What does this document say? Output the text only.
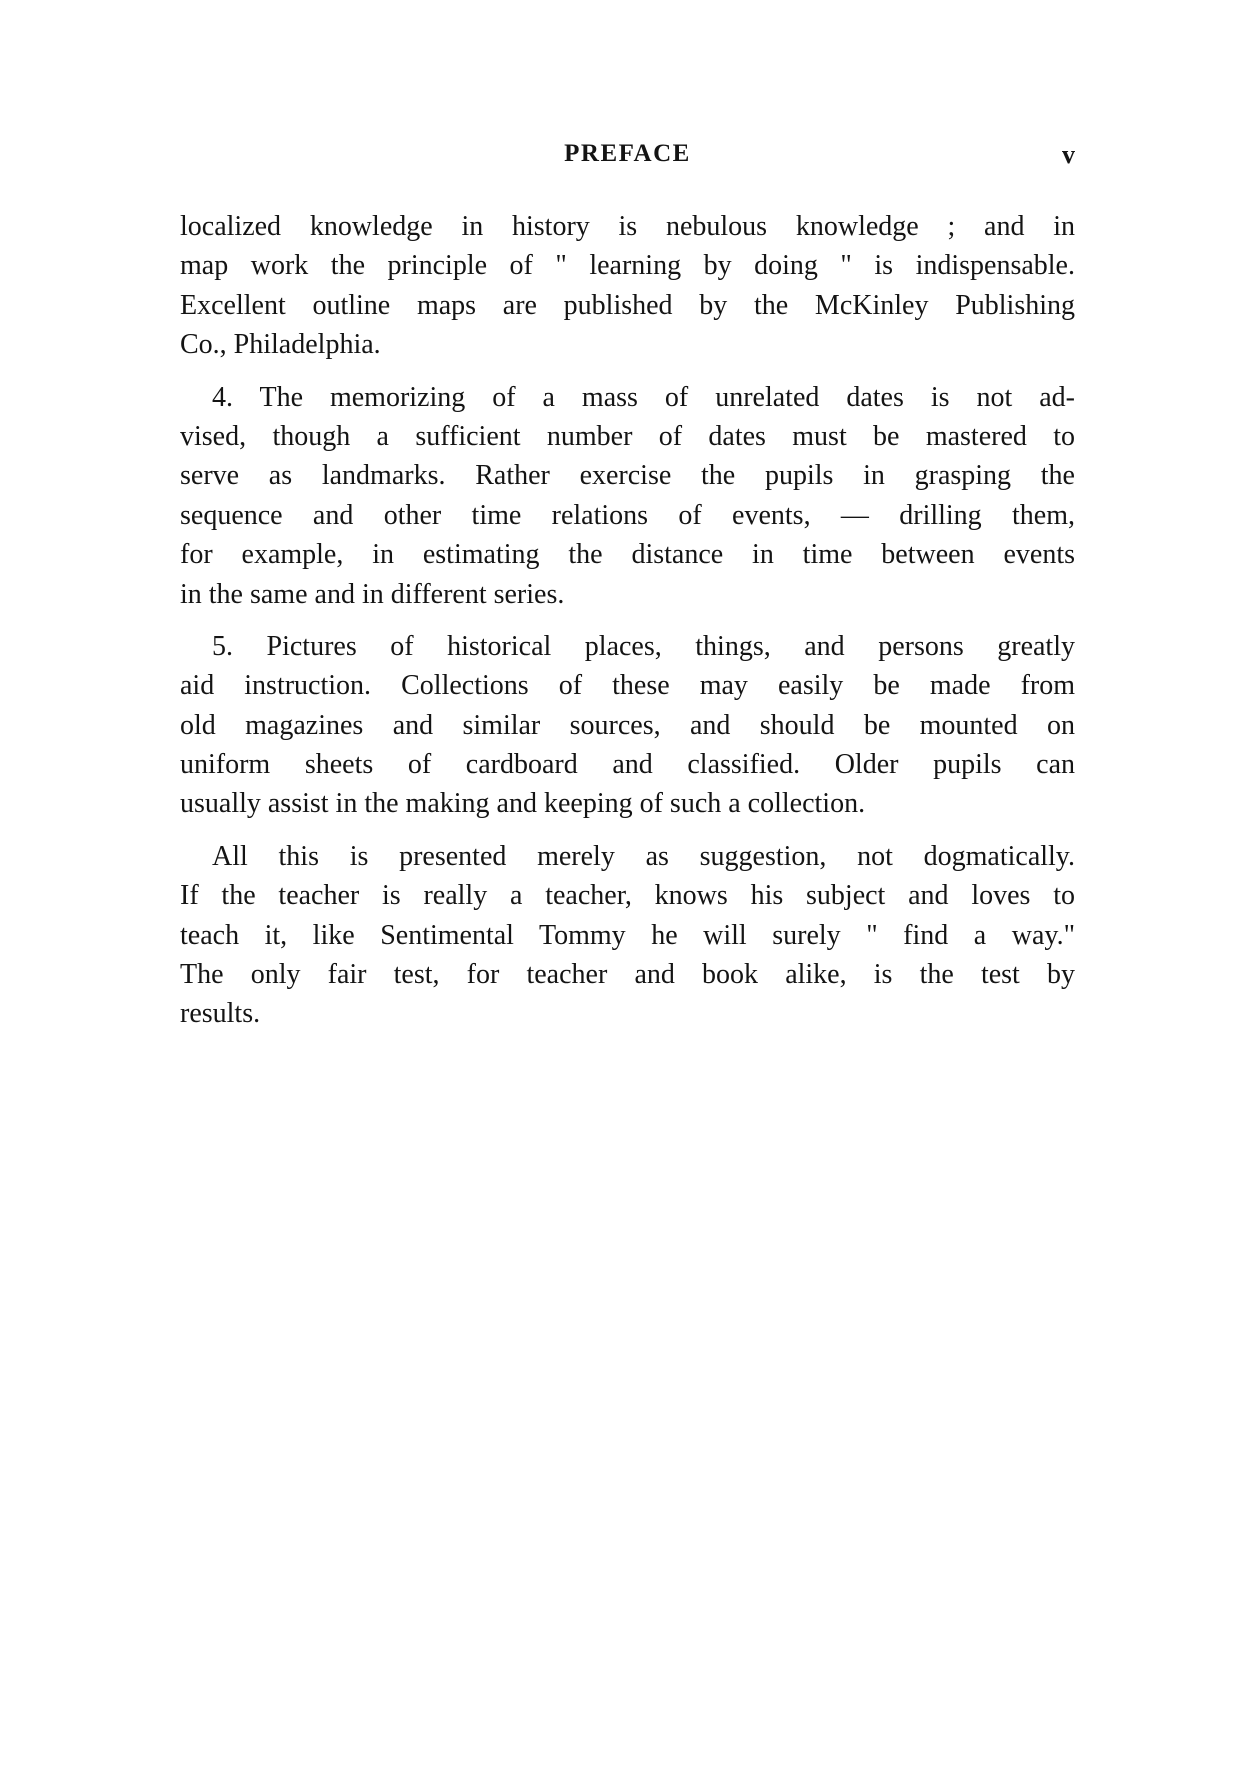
PREFACE	v
localized knowledge in history is nebulous knowledge ; and in
map work the principle of " learning by doing " is indispensable.
Excellent outline maps are published by the McKinley Publishing
Co., Philadelphia.
4. The memorizing of a mass of unrelated dates is not ad-
vised, though a sufficient number of dates must be mastered to
serve as landmarks. Rather exercise the pupils in grasping the
sequence and other time relations of events, — drilling them,
for example, in estimating the distance in time between events
in the same and in different series.
5. Pictures of historical places, things, and persons greatly
aid instruction. Collections of these may easily be made from
old magazines and similar sources, and should be mounted on
uniform sheets of cardboard and classified. Older pupils can
usually assist in the making and keeping of such a collection.
All this is presented merely as suggestion, not dogmatically.
If the teacher is really a teacher, knows his subject and loves to
teach it, like Sentimental Tommy he will surely " find a way."
The only fair test, for teacher and book alike, is the test by
results.
